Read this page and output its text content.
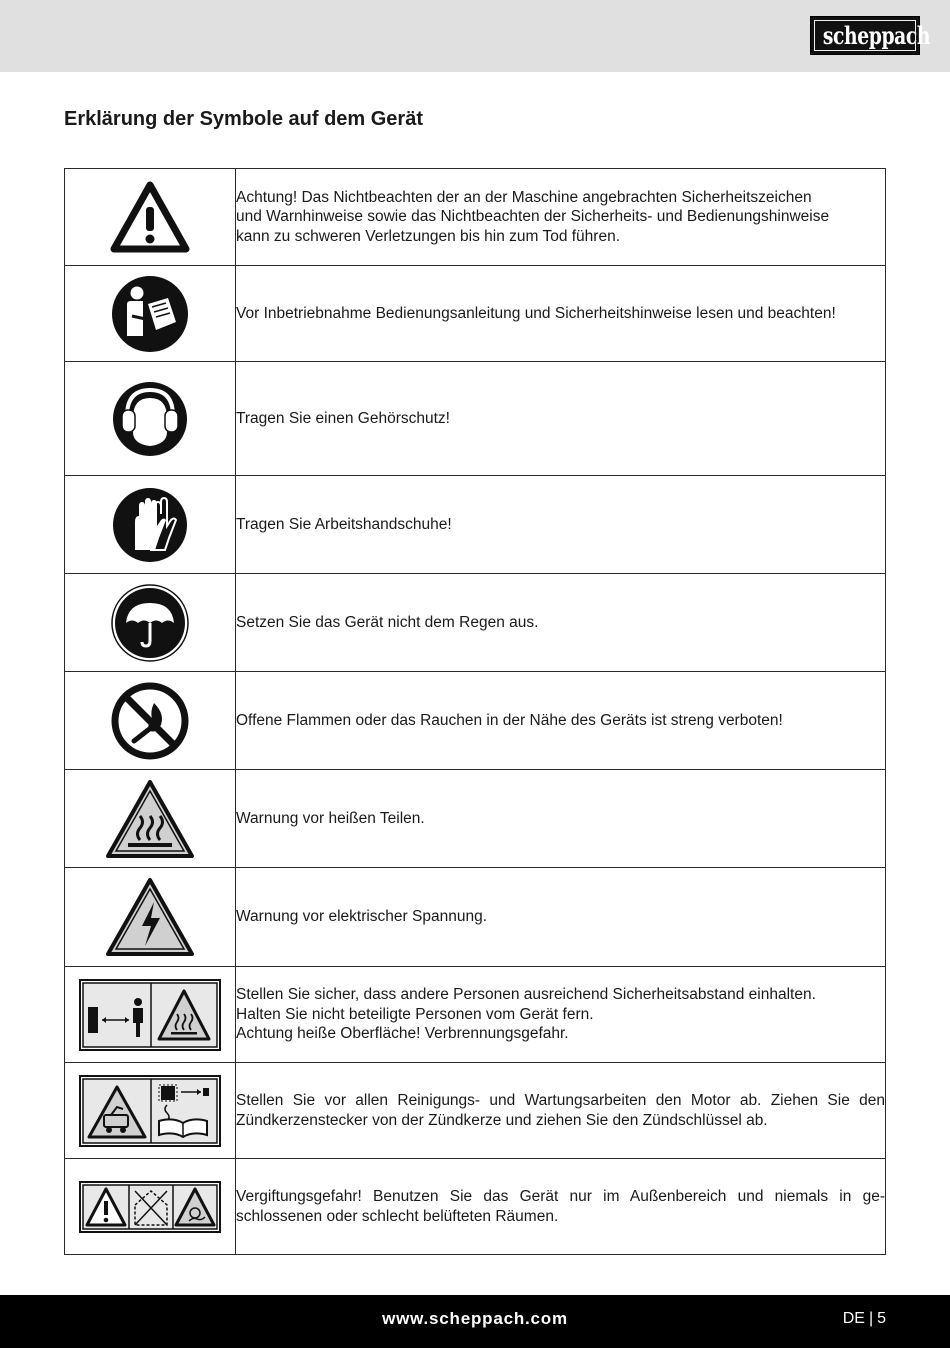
scheppach
Erklärung der Symbole auf dem Gerät

Achtung! Das Nichtbeachten der an der Maschine angebrachten Sicherheitszeichen
und Warnhinweise sowie das Nichtbeachten der Sicherheits- und Bedienungshinweise
kann zu schweren Verletzungen bis hin zum Tod führen.

Vor Inbetriebnahme Bedienungsanleitung und Sicherheitshinweise lesen und beachten!

Tragen Sie einen Gehörschutz!

Tragen Sie Arbeitshandschuhe!

Setzen Sie das Gerät nicht dem Regen aus.

Offene Flammen oder das Rauchen in der Nähe des Geräts ist streng verboten!

Warnung vor heißen Teilen.

Warnung vor elektrischer Spannung.

Stellen Sie sicher, dass andere Personen ausreichend Sicherheitsabstand einhalten.
Halten Sie nicht beteiligte Personen vom Gerät fern.
Achtung heiße Oberfläche! Verbrennungsgefahr.

	Stellen Sie vor allen Reinigungs- und Wartungsarbeiten den Motor ab. Ziehen Sie den Zündkerzenstecker von der Zündkerze und ziehen Sie den Zündschlüssel ab.

	Vergiftungsgefahr! Benutzen Sie das Gerät nur im Außenbereich und niemals in ge-schlossenen oder schlecht belüfteten Räumen.
www.scheppach.com	DE | 5
